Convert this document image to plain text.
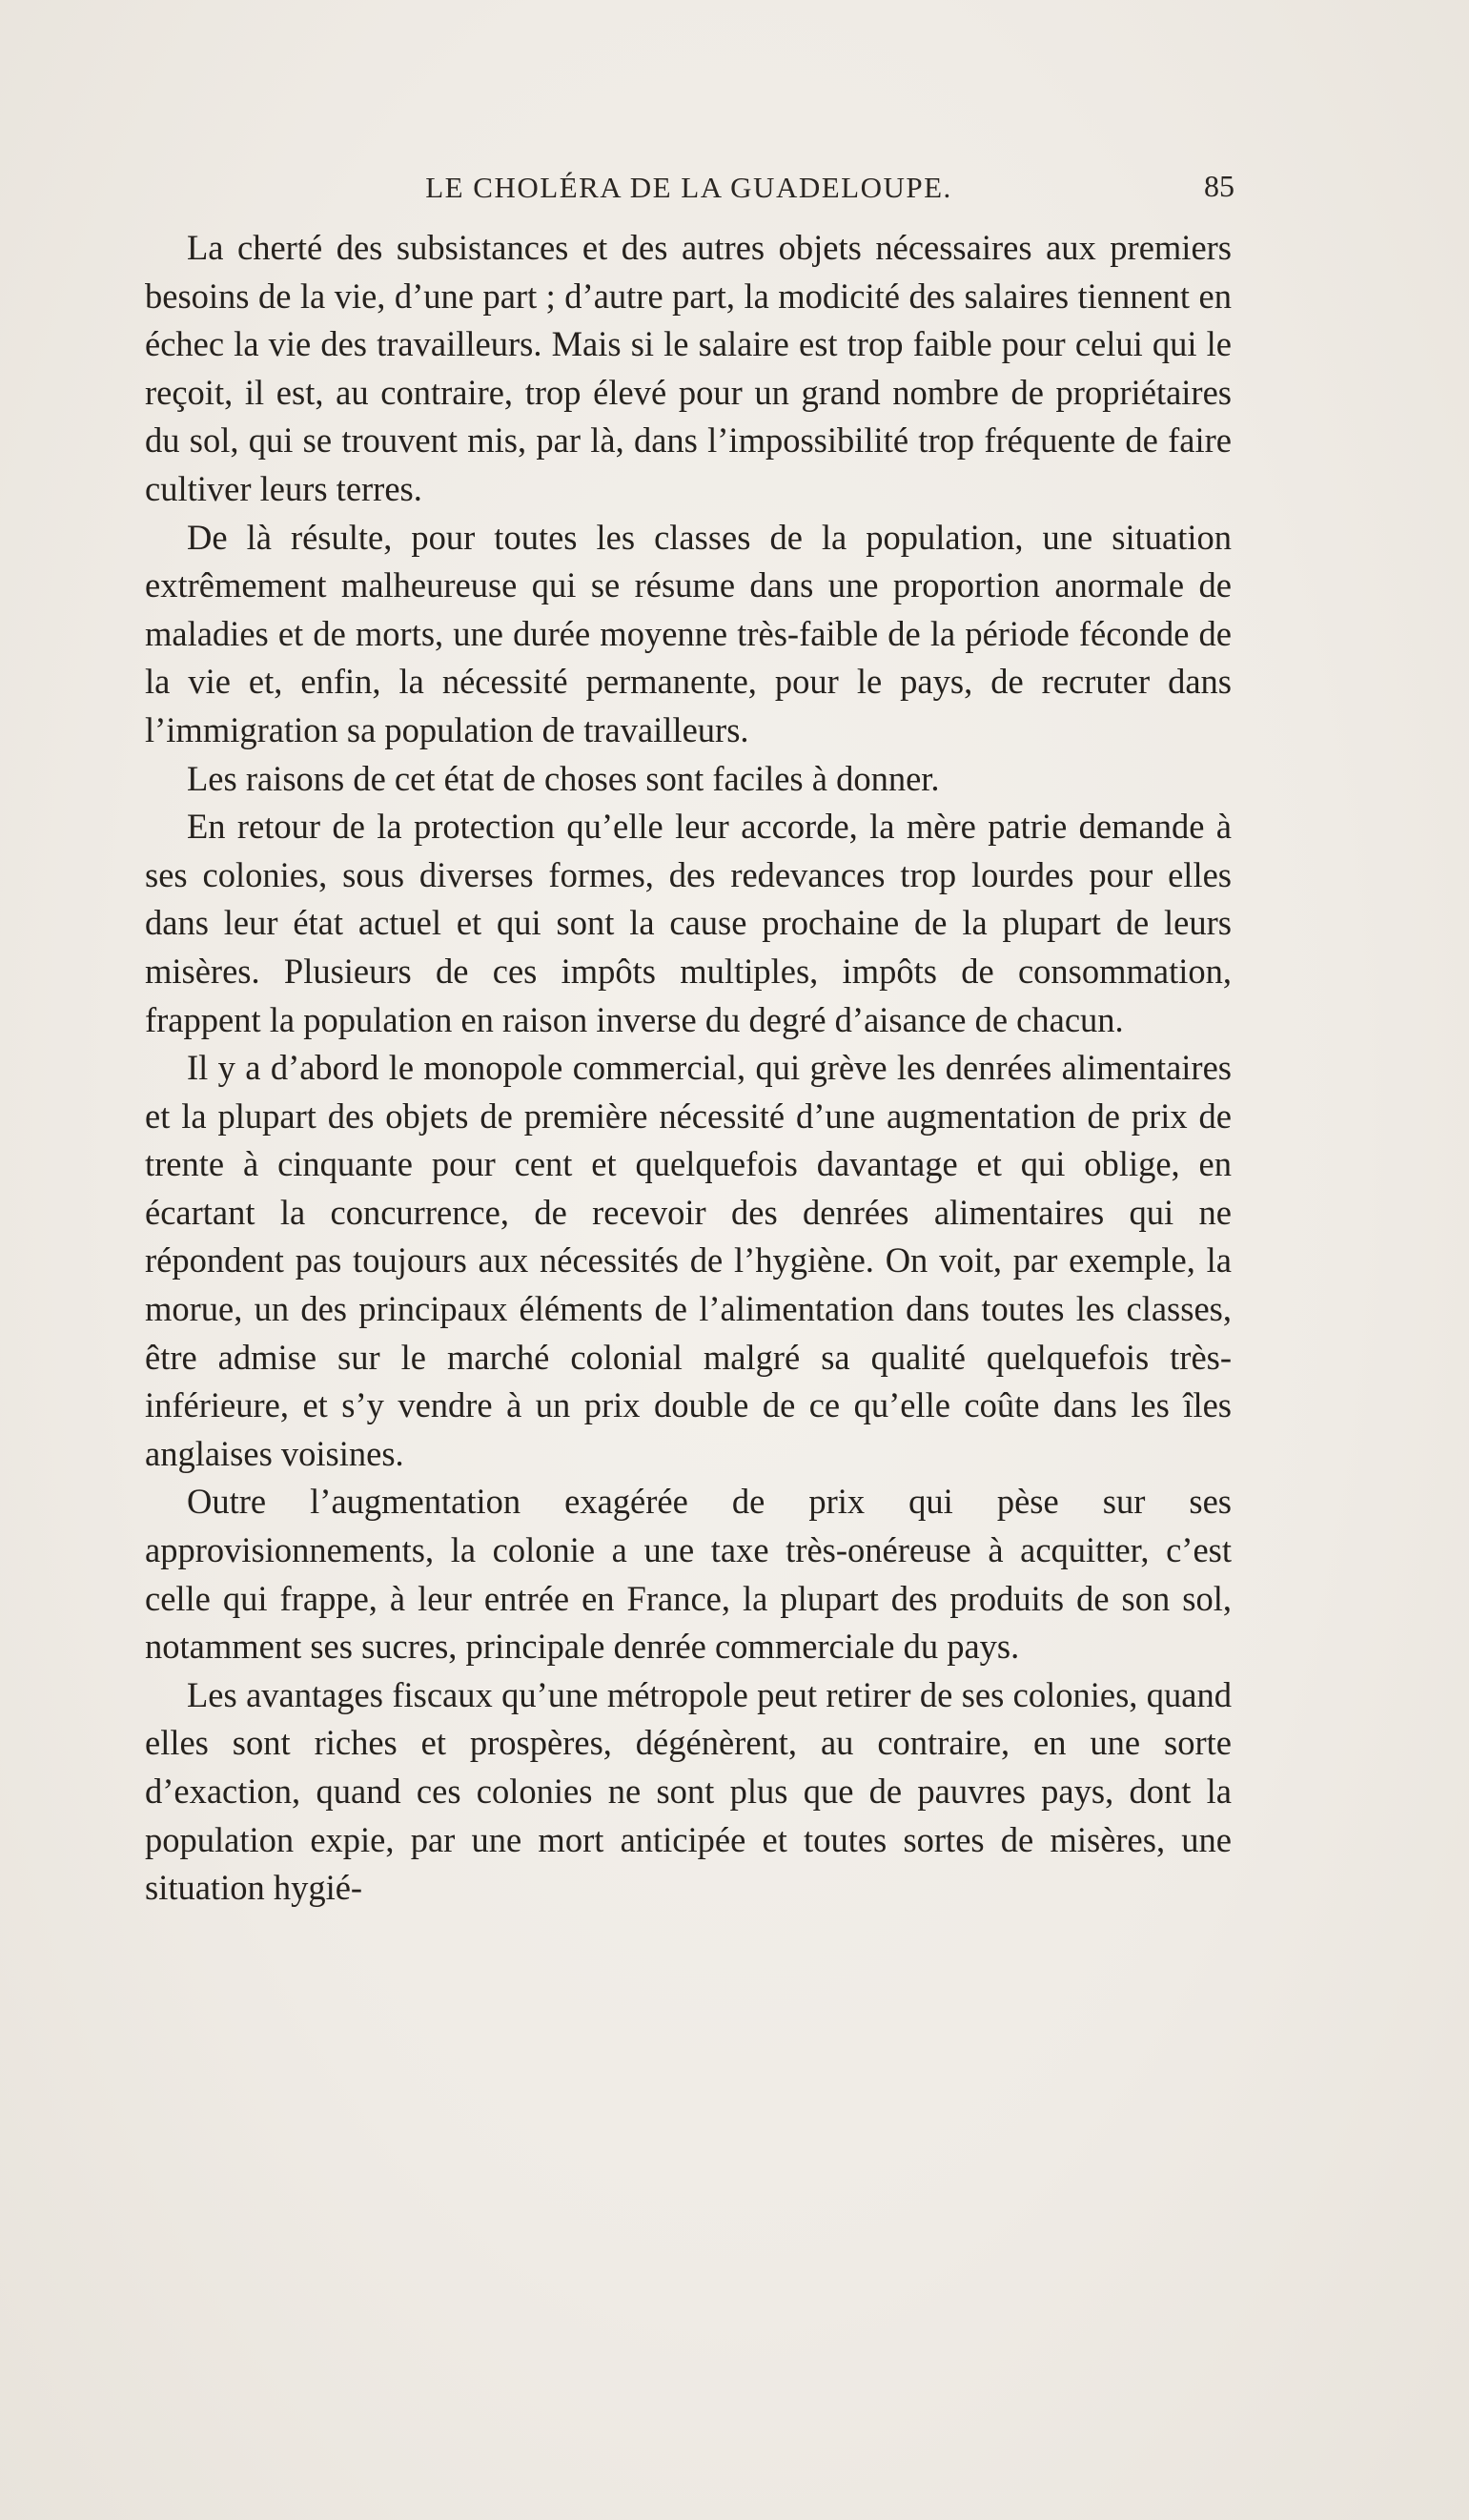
LE CHOLÉRA DE LA GUADELOUPE.	85

La cherté des subsistances et des autres objets nécessaires aux premiers besoins de la vie, d’une part ; d’autre part, la modicité des salaires tiennent en échec la vie des travailleurs. Mais si le salaire est trop faible pour celui qui le reçoit, il est, au contraire, trop élevé pour un grand nombre de propriétaires du sol, qui se trouvent mis, par là, dans l’impossibilité trop fréquente de faire cultiver leurs terres.

De là résulte, pour toutes les classes de la population, une situation extrêmement malheureuse qui se résume dans une proportion anormale de maladies et de morts, une durée moyenne très-faible de la période féconde de la vie et, enfin, la nécessité permanente, pour le pays, de recruter dans l’immigration sa population de travailleurs.

Les raisons de cet état de choses sont faciles à donner.

En retour de la protection qu’elle leur accorde, la mère patrie demande à ses colonies, sous diverses formes, des redevances trop lourdes pour elles dans leur état actuel et qui sont la cause prochaine de la plupart de leurs misères. Plusieurs de ces impôts multiples, impôts de consommation, frappent la population en raison inverse du degré d’aisance de chacun.

Il y a d’abord le monopole commercial, qui grève les denrées alimentaires et la plupart des objets de première nécessité d’une augmentation de prix de trente à cinquante pour cent et quelquefois davantage et qui oblige, en écartant la concurrence, de recevoir des denrées alimentaires qui ne répondent pas toujours aux nécessités de l’hygiène. On voit, par exemple, la morue, un des principaux éléments de l’alimentation dans toutes les classes, être admise sur le marché colonial malgré sa qualité quelquefois très-inférieure, et s’y vendre à un prix double de ce qu’elle coûte dans les îles anglaises voisines.

Outre l’augmentation exagérée de prix qui pèse sur ses approvisionnements, la colonie a une taxe très-onéreuse à acquitter, c’est celle qui frappe, à leur entrée en France, la plupart des produits de son sol, notamment ses sucres, principale denrée commerciale du pays.

Les avantages fiscaux qu’une métropole peut retirer de ses colonies, quand elles sont riches et prospères, dégénèrent, au contraire, en une sorte d’exaction, quand ces colonies ne sont plus que de pauvres pays, dont la population expie, par une mort anticipée et toutes sortes de misères, une situation hygié-
